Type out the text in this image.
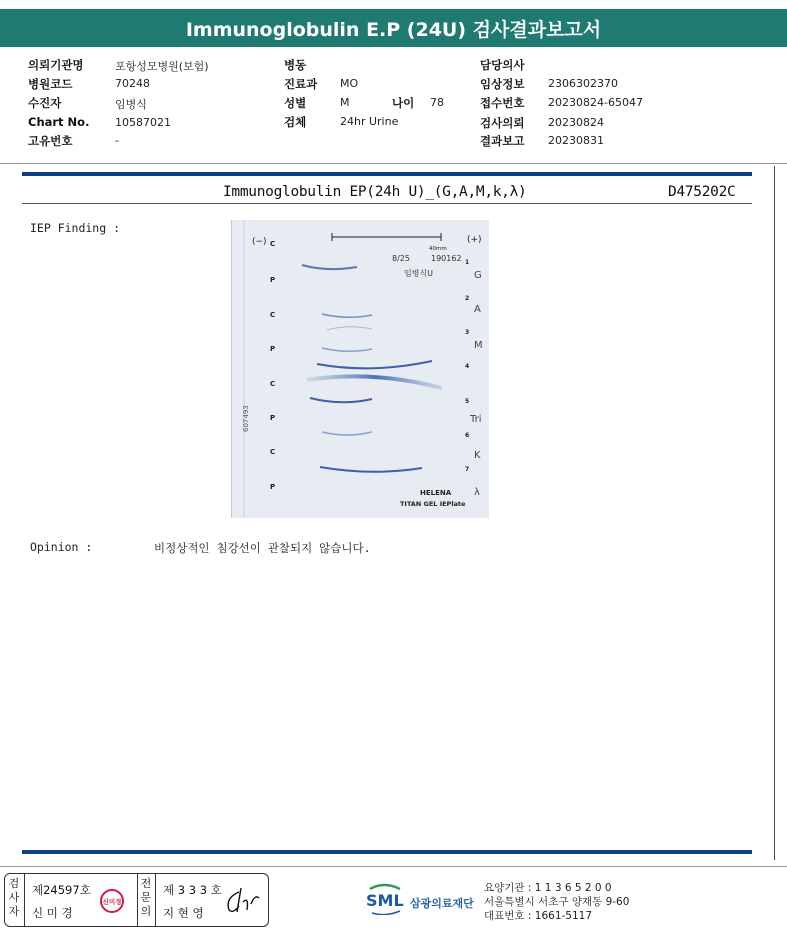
Immunoglobulin E.P (24U) 검사결과보고서
의뢰기관명	포항성모병원(보험)
병원코드	70248
수진자	임병식
Chart No. 10587021
고유번호	-
병동
진료과 MO
성별	M	나이 78
검체	24hr Urine
담당의사
임상정보 2306302370
접수번호 20230824-65047
검사의뢰 20230824
결과보고 20230831
Immunoglobulin EP(24h U)_(G,A,M,k,λ)	D475202C
IEP Finding :
(−)	(+)
40mm
8/25	190162
임병식U
607493
C
P
C
P
C
P
C
P
1
2
3
4
5
6
7
G
A
M
Tri
K
λ
HELENA
TITAN GEL IEPlate
Opinion :	비정상적인 침강선이 관찰되지 않습니다.
검사자
제24597호
신 미 경
신미경
전문의
제 3 3 3 호
지 현 영
SML 삼광의료재단
요양기관 : 1 1 3 6 5 2 0 0
서울특별시 서초구 양재동 9-60
대표번호 : 1661-5117
